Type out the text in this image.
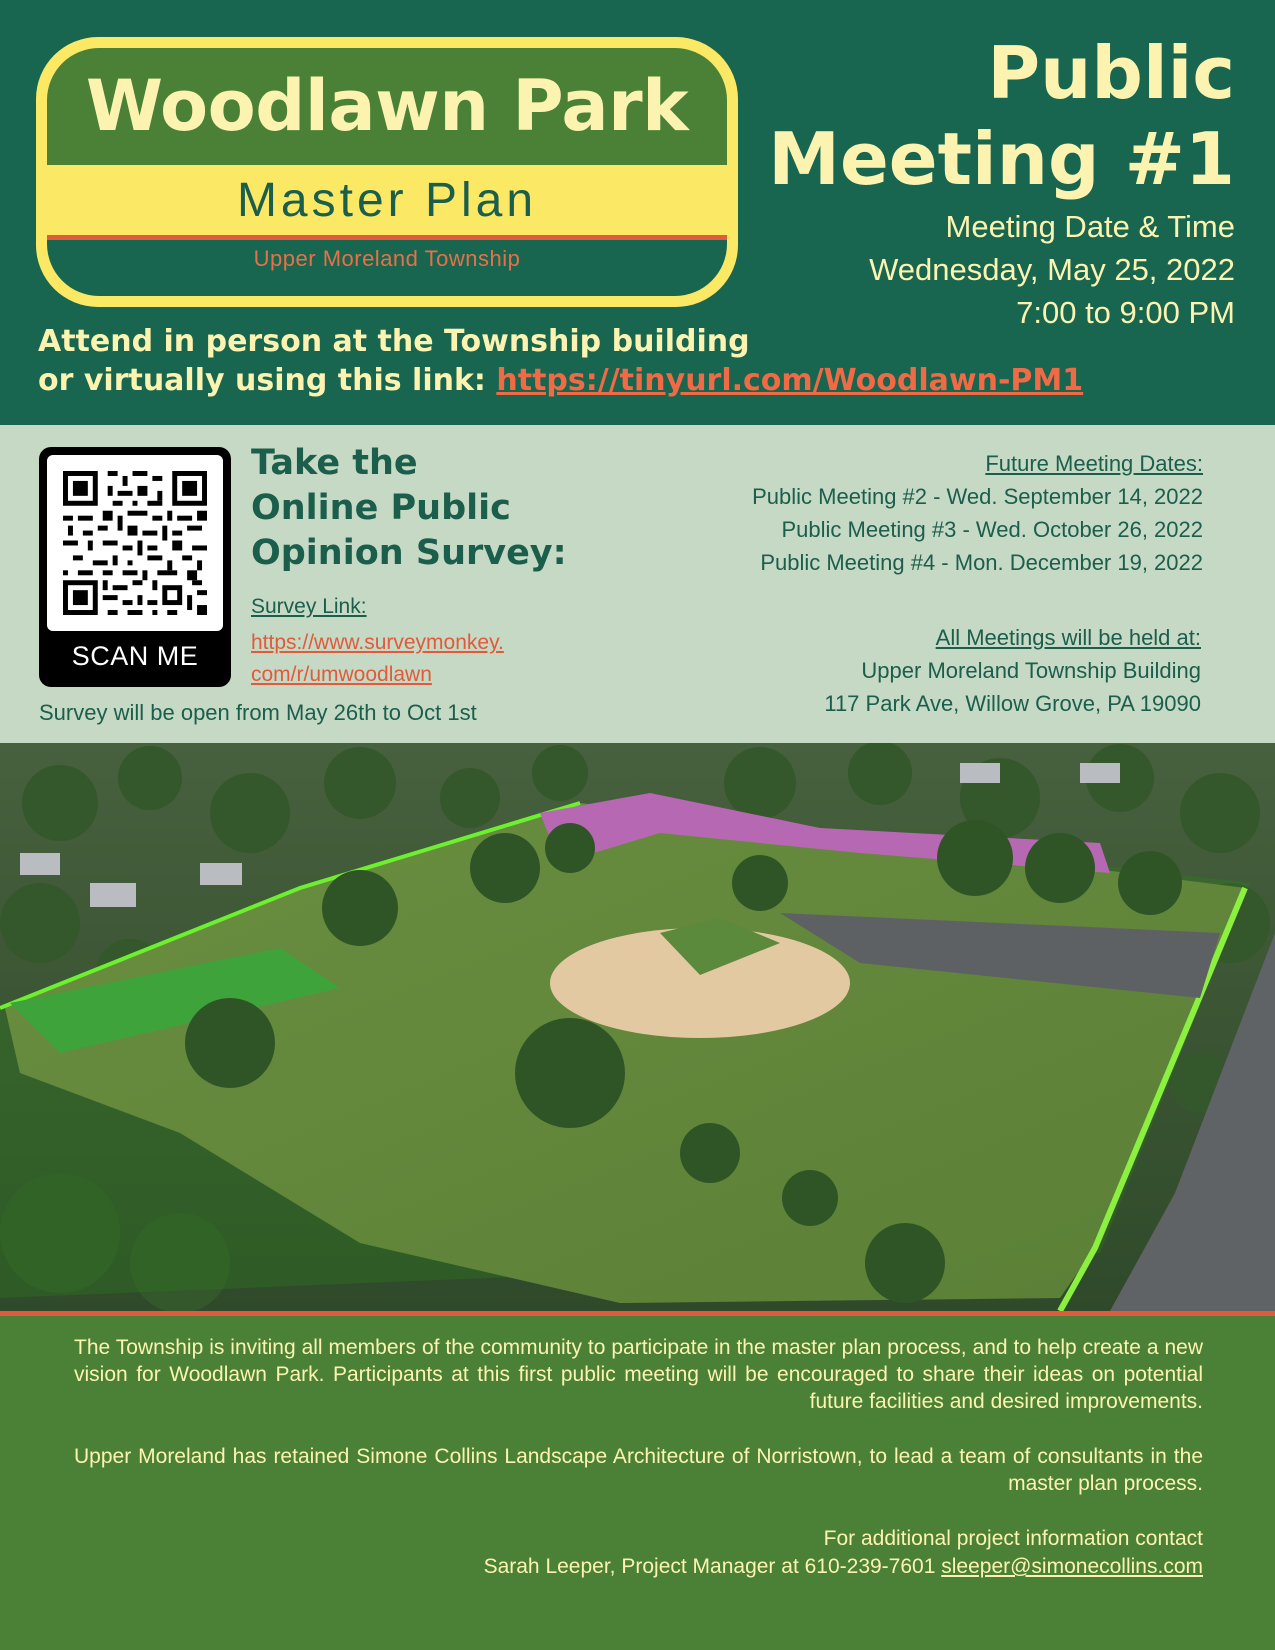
Woodlawn Park
Master Plan
Upper Moreland Township
Public
Meeting #1
Meeting Date & Time
Wednesday, May 25, 2022
7:00 to 9:00 PM
Attend in person at the Township building
or virtually using this link: https://tinyurl.com/Woodlawn-PM1
SCAN ME
Take the
Online Public
Opinion Survey:
Survey Link:
https://www.surveymonkey.
com/r/umwoodlawn
Survey will be open from May 26th to Oct 1st
Future Meeting Dates:
Public Meeting #2 - Wed. September 14, 2022
Public Meeting #3 - Wed. October 26, 2022
Public Meeting #4 - Mon. December 19, 2022
All Meetings will be held at:
Upper Moreland Township Building
117 Park Ave, Willow Grove, PA 19090
The Township is inviting all members of the community to participate in the master plan process, and to help create a new vision for Woodlawn Park. Participants at this first public meeting will be encouraged to share their ideas on potential future facilities and desired improvements.
Upper Moreland has retained Simone Collins Landscape Architecture of Norristown, to lead a team of consultants in the master plan process.
For additional project information contact
Sarah Leeper, Project Manager at 610-239-7601 sleeper@simonecollins.com
